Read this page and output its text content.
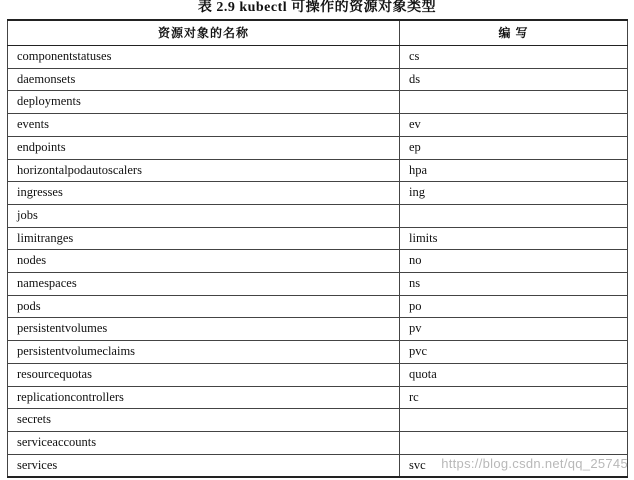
表 2.9 kubectl 可操作的资源对象类型
资源对象的名称	编 写
componentstatuses	cs
daemonsets	ds
deployments	
events	ev
endpoints	ep
horizontalpodautoscalers	hpa
ingresses	ing
jobs	
limitranges	limits
nodes	no
namespaces	ns
pods	po
persistentvolumes	pv
persistentvolumeclaims	pvc
resourcequotas	quota
replicationcontrollers	rc
secrets	
serviceaccounts	
services	svc https://blog.csdn.net/qq_25745
